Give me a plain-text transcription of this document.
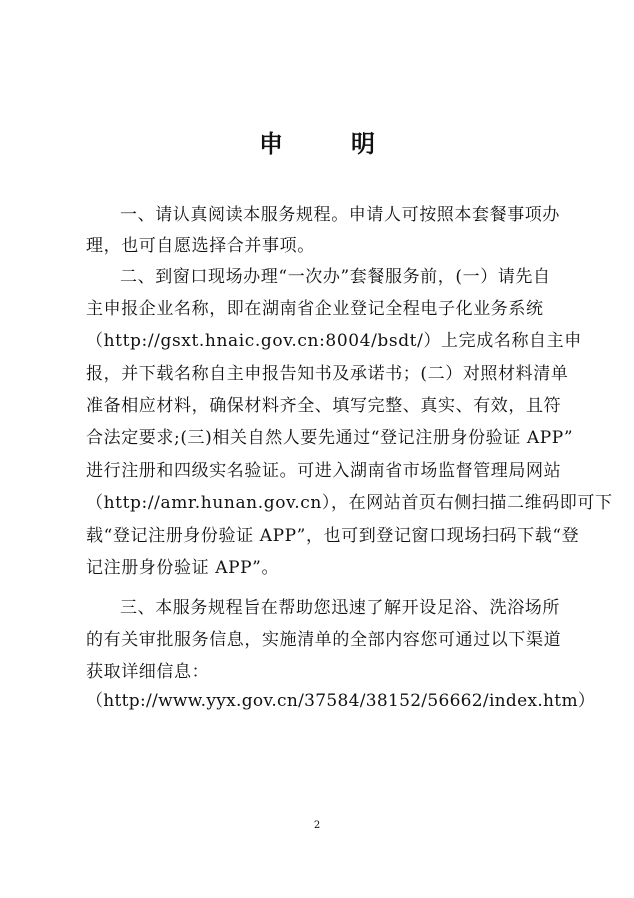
申　明
一、请认真阅读本服务规程。申请人可按照本套餐事项办
理，也可自愿选择合并事项。
二、到窗口现场办理“一次办”套餐服务前，(一）请先自
主申报企业名称，即在湖南省企业登记全程电子化业务系统
（http://gsxt.hnaic.gov.cn:8004/bsdt/）上完成名称自主申
报，并下载名称自主申报告知书及承诺书；(二）对照材料清单
准备相应材料，确保材料齐全、填写完整、真实、有效，且符
合法定要求;(三)相关自然人要先通过“登记注册身份验证 APP”
进行注册和四级实名验证。可进入湖南省市场监督管理局网站
（http://amr.hunan.gov.cn），在网站首页右侧扫描二维码即可下
载“登记注册身份验证 APP”，也可到登记窗口现场扫码下载“登
记注册身份验证 APP”。
三、本服务规程旨在帮助您迅速了解开设足浴、洗浴场所
的有关审批服务信息，实施清单的全部内容您可通过以下渠道
获取详细信息：
（http://www.yyx.gov.cn/37584/38152/56662/index.htm）
2
